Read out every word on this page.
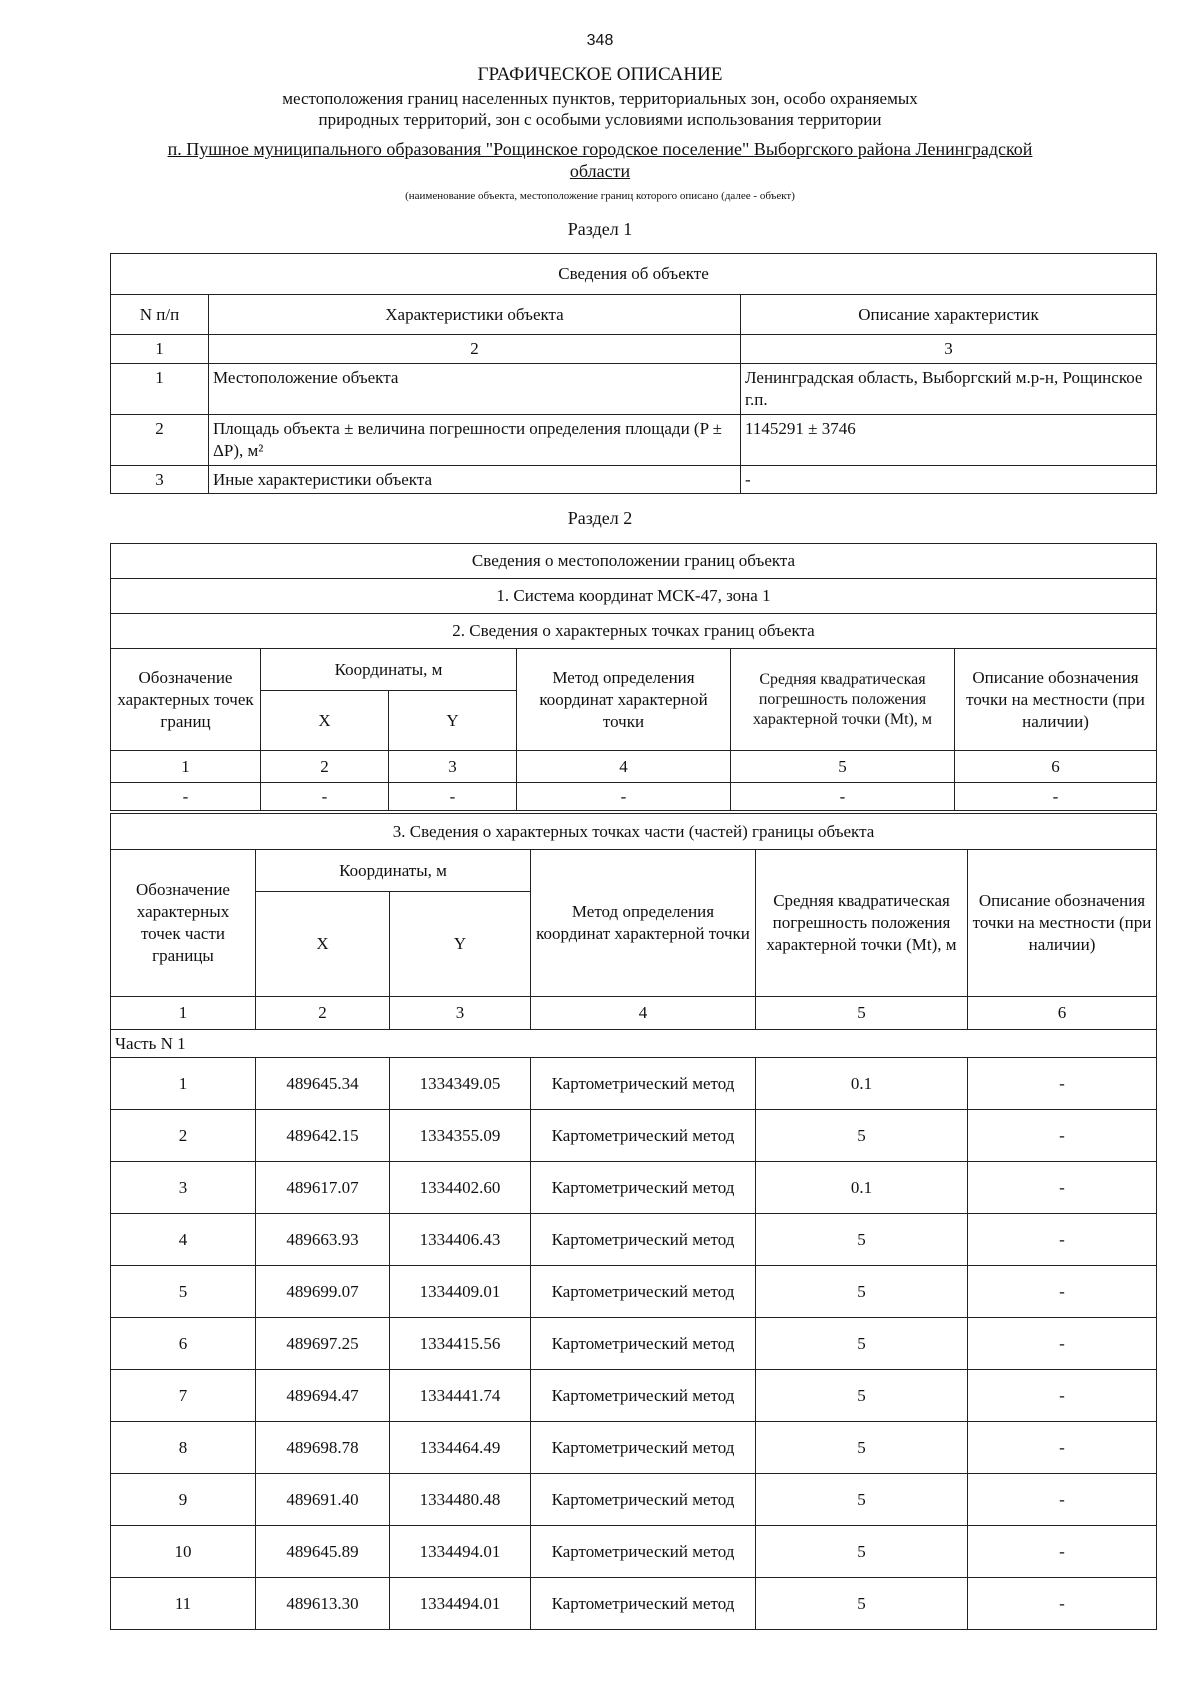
348
ГРАФИЧЕСКОЕ ОПИСАНИЕ
местоположения границ населенных пунктов, территориальных зон, особо охраняемых
природных территорий, зон с особыми условиями использования территории
п. Пушное муниципального образования "Рощинское городское поселение" Выборгского района Ленинградской
области
(наименование объекта, местоположение границ которого описано (далее - объект)
Раздел 1
Сведения об объекте		
N п/п	Характеристики объекта	Описание характеристик
1	2	3
1	Местоположение объекта	Ленинградская область, Выборгский м.р-н, Рощинское г.п.
2	Площадь объекта ± величина погрешности определения площади (P ± ΔP), м²	1145291 ± 3746
3	Иные характеристики объекта	-
Раздел 2
Сведения о местоположении границ объекта					
1. Система координат МСК-47, зона 1					
2. Сведения о характерных точках границ объекта					
Обозначение характерных точек границ	Координаты, м		Метод определения координат характерной точки	Средняя квадратическая погрешность положения характерной точки (Mt), м	Описание обозначения точки на местности (при наличии)
	X	Y			
1	2	3	4	5	6
-	-	-	-	-	-
3. Сведения о характерных точках части (частей) границы объекта					
Обозначение характерных точек части границы	Координаты, м		Метод определения координат характерной точки	Средняя квадратическая погрешность положения характерной точки (Mt), м	Описание обозначения точки на местности (при наличии)
	X	Y			
1	2	3	4	5	6
Часть N 1					
1	489645.34	1334349.05	Картометрический метод	0.1	-
2	489642.15	1334355.09	Картометрический метод	5	-
3	489617.07	1334402.60	Картометрический метод	0.1	-
4	489663.93	1334406.43	Картометрический метод	5	-
5	489699.07	1334409.01	Картометрический метод	5	-
6	489697.25	1334415.56	Картометрический метод	5	-
7	489694.47	1334441.74	Картометрический метод	5	-
8	489698.78	1334464.49	Картометрический метод	5	-
9	489691.40	1334480.48	Картометрический метод	5	-
10	489645.89	1334494.01	Картометрический метод	5	-
11	489613.30	1334494.01	Картометрический метод	5	-
